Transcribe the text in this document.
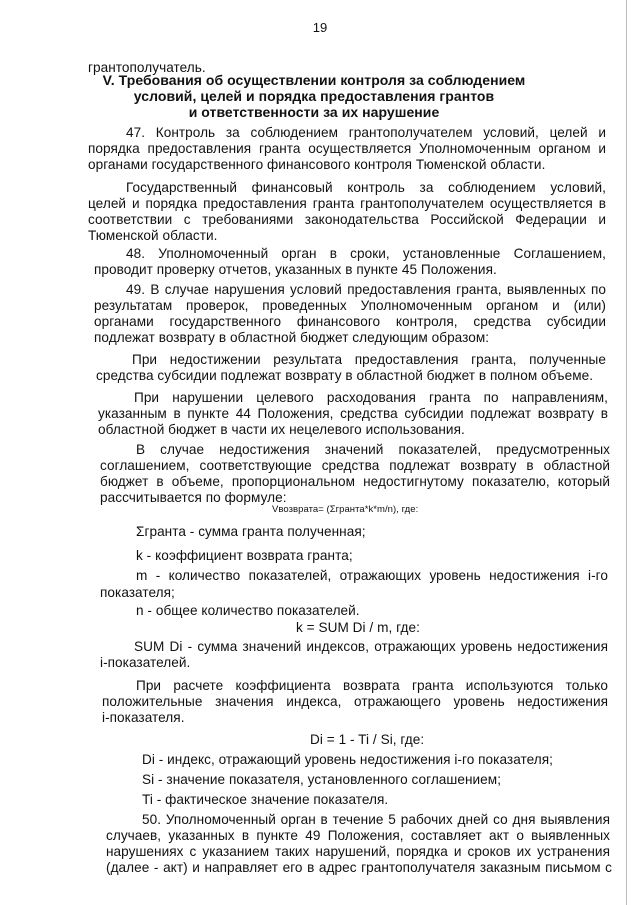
19
грантополучатель.
V. Требования об осуществлении контроля за соблюдением
условий, целей и порядка предоставления грантов
и ответственности за их нарушение
47. Контроль за соблюдением грантополучателем условий, целей и
порядка предоставления гранта осуществляется Уполномоченным органом и
органами государственного финансового контроля Тюменской области.
Государственный финансовый контроль за соблюдением условий,
целей и порядка предоставления гранта грантополучателем осуществляется в
соответствии с требованиями законодательства Российской Федерации и
Тюменской области.
48. Уполномоченный орган в сроки, установленные Соглашением,
проводит проверку отчетов, указанных в пункте 45 Положения.
49. В случае нарушения условий предоставления гранта, выявленных по
результатам проверок, проведенных Уполномоченным органом и (или)
органами государственного финансового контроля, средства субсидии
подлежат возврату в областной бюджет следующим образом:
При недостижении результата предоставления гранта, полученные
средства субсидии подлежат возврату в областной бюджет в полном объеме.
При нарушении целевого расходования гранта по направлениям,
указанным в пункте 44 Положения, средства субсидии подлежат возврату в
областной бюджет в части их нецелевого использования.
В случае недостижения значений показателей, предусмотренных
соглашением, соответствующие средства подлежат возврату в областной
бюджет в объеме, пропорциональном недостигнутому показателю, который
рассчитывается по формуле:
Vвозврата= (Σгранта*k*m/n), где:
Σгранта - сумма гранта полученная;
k - коэффициент возврата гранта;
m - количество показателей, отражающих уровень недостижения i-го
показателя;
n - общее количество показателей.
k = SUM Di / m, где:
SUM Di - сумма значений индексов, отражающих уровень недостижения
i-показателей.
При расчете коэффициента возврата гранта используются только
положительные значения индекса, отражающего уровень недостижения
i-показателя.
Di = 1 - Ti / Si, где:
Di - индекс, отражающий уровень недостижения i-го показателя;
Si - значение показателя, установленного соглашением;
Ti - фактическое значение показателя.
50. Уполномоченный орган в течение 5 рабочих дней со дня выявления
случаев, указанных в пункте 49 Положения, составляет акт о выявленных
нарушениях с указанием таких нарушений, порядка и сроков их устранения
(далее - акт) и направляет его в адрес грантополучателя заказным письмом с
